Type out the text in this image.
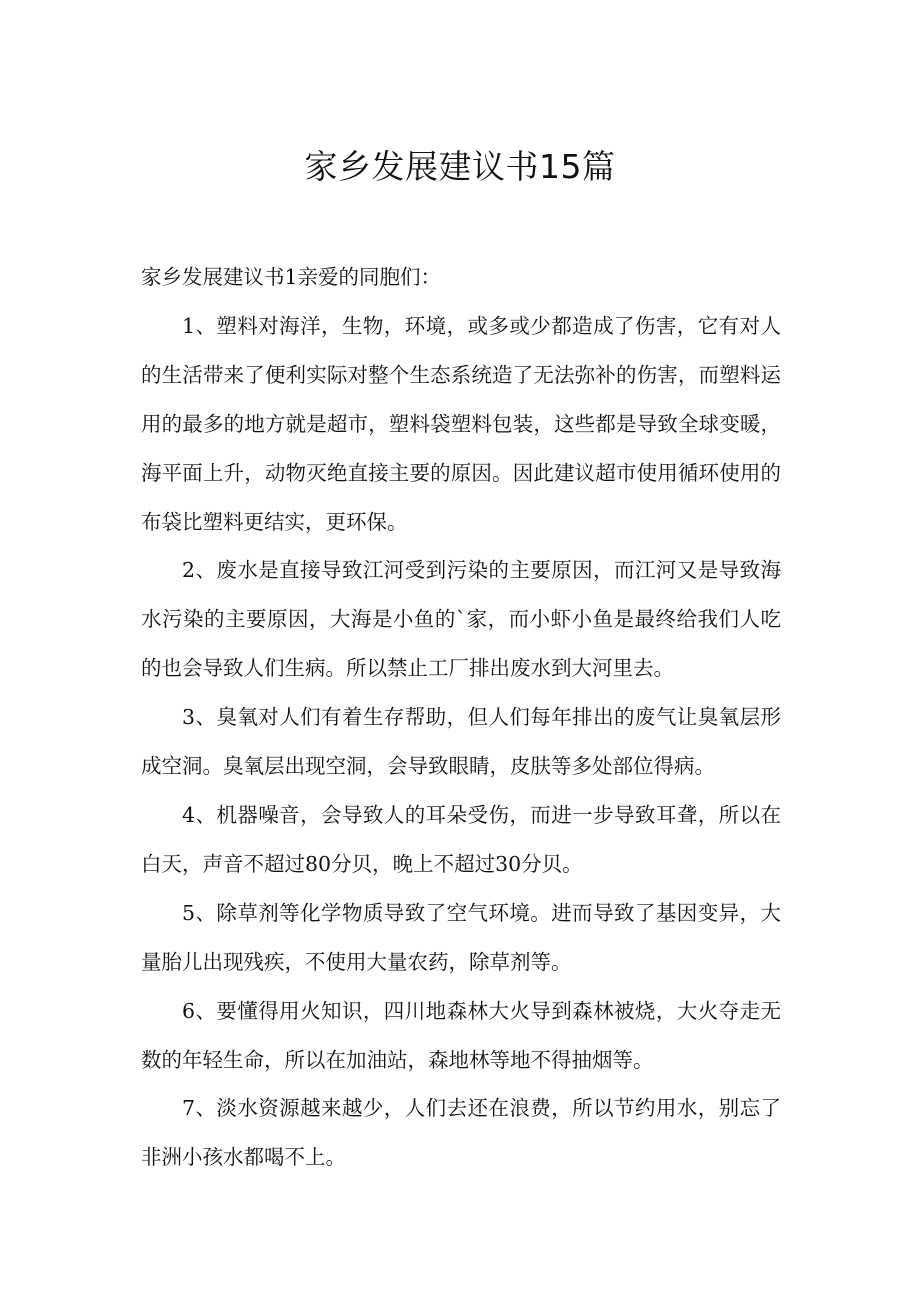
家乡发展建议书15篇

家乡发展建议书1亲爱的同胞们：

1、塑料对海洋，生物，环境，或多或少都造成了伤害，它有对人的生活带来了便利实际对整个生态系统造了无法弥补的伤害，而塑料运用的最多的地方就是超市，塑料袋塑料包装，这些都是导致全球变暖，海平面上升，动物灭绝直接主要的原因。因此建议超市使用循环使用的布袋比塑料更结实，更环保。

2、废水是直接导致江河受到污染的主要原因，而江河又是导致海水污染的主要原因，大海是小鱼的`家，而小虾小鱼是最终给我们人吃的也会导致人们生病。所以禁止工厂排出废水到大河里去。

3、臭氧对人们有着生存帮助，但人们每年排出的废气让臭氧层形成空洞。臭氧层出现空洞，会导致眼睛，皮肤等多处部位得病。

4、机器噪音，会导致人的耳朵受伤，而进一步导致耳聋，所以在白天，声音不超过80分贝，晚上不超过30分贝。

5、除草剂等化学物质导致了空气环境。进而导致了基因变异，大量胎儿出现残疾，不使用大量农药，除草剂等。

6、要懂得用火知识，四川地森林大火导到森林被烧，大火夺走无数的年轻生命，所以在加油站，森地林等地不得抽烟等。

7、淡水资源越来越少，人们去还在浪费，所以节约用水，别忘了非洲小孩水都喝不上。
